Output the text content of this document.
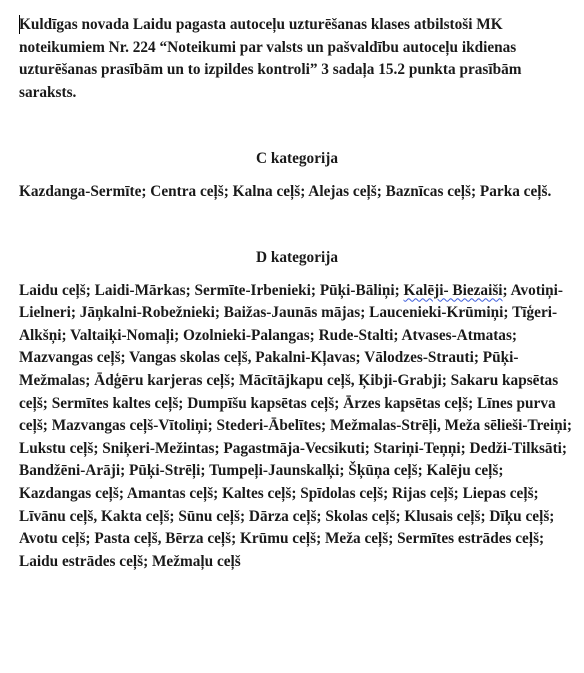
Kuldīgas novada Laidu pagasta autoceļu uzturēšanas klases atbilstoši MK noteikumiem Nr. 224 “Noteikumi par valsts un pašvaldību autoceļu ikdienas uzturēšanas prasībām un to izpildes kontroli” 3 sadaļa 15.2 punkta prasībām saraksts.

C kategorija

Kazdanga-Sermīte; Centra ceļš; Kalna ceļš; Alejas ceļš; Baznīcas ceļš; Parka ceļš.

D kategorija

Laidu ceļš; Laidi-Mārkas; Sermīte-Irbenieki; Pūķi-Bāliņi; Kalēji- Biezaiši; Avotiņi-Lielneri; Jāņkalni-Robežnieki; Baižas-Jaunās mājas; Laucenieki-Krūmiņi; Tīģeri-Alkšņi; Valtaiķi-Nomaļi; Ozolnieki-Palangas; Rude-Stalti; Atvases-Atmatas; Mazvangas ceļš; Vangas skolas ceļš, Pakalni-Kļavas; Vālodzes-Strauti; Pūķi-Mežmalas; Ādģēru karjeras ceļš; Mācītājkapu ceļš, Ķibji-Grabji; Sakaru kapsētas ceļš; Sermītes kaltes ceļš; Dumpīšu kapsētas ceļš; Ārzes kapsētas ceļš; Līnes purva ceļš; Mazvangas ceļš-Vītoliņi; Stederi-Ābelītes; Mežmalas-Strēļi, Meža sēlieši-Treiņi; Lukstu ceļš; Sniķeri-Mežintas; Pagastmāja-Vecsikuti; Stariņi-Teņņi; Dedži-Tilksāti; Bandžēni-Arāji; Pūķi-Strēļi; Tumpeļi-Jaunskalķi; Šķūņa ceļš; Kalēju ceļš; Kazdangas ceļš; Amantas ceļš; Kaltes ceļš; Spīdolas ceļš; Rijas ceļš; Liepas ceļš; Līvānu ceļš, Kakta ceļš; Sūnu ceļš; Dārza ceļš; Skolas ceļš; Klusais ceļš; Dīķu ceļš; Avotu ceļš; Pasta ceļš, Bērza ceļš; Krūmu ceļš; Meža ceļš; Sermītes estrādes ceļš; Laidu estrādes ceļš; Mežmaļu ceļš
